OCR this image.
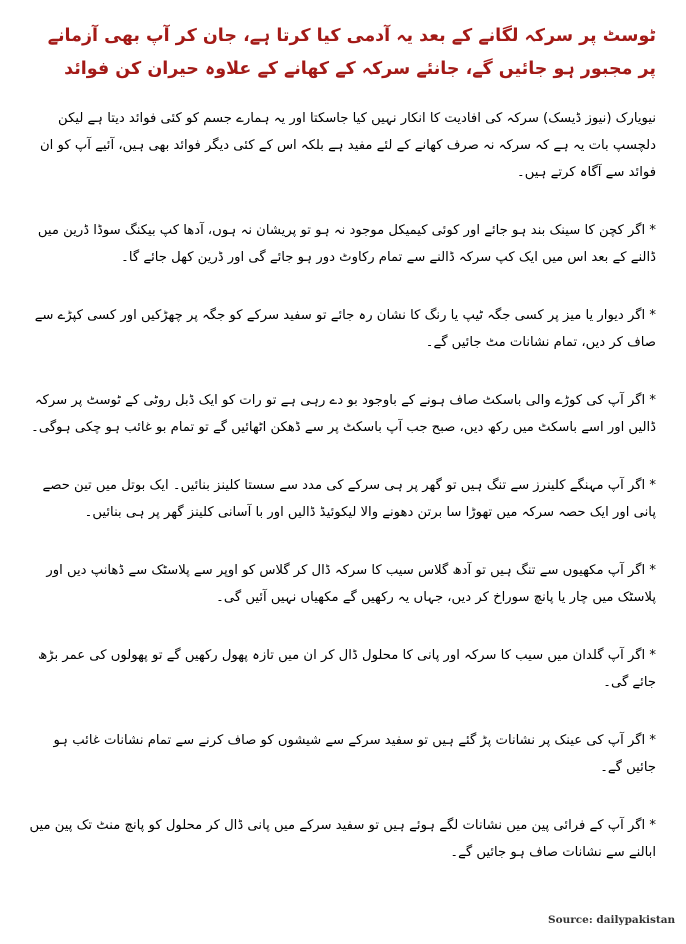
ٹوسٹ پر سرکہ لگانے کے بعد یہ آدمی کیا کرتا ہے، جان کر آپ بھی آزمانے پر مجبور ہو جائیں گے، جانئے سرکہ کے کھانے کے علاوہ حیران کن فوائد

نیویارک (نیوز ڈیسک) سرکہ کی افادیت کا انکار نہیں کیا جاسکتا اور یہ ہمارے جسم کو کئی فوائد دیتا ہے لیکن دلچسپ بات یہ ہے کہ سرکہ نہ صرف کھانے کے لئے مفید ہے بلکہ اس کے کئی دیگر فوائد بھی ہیں، آئیے آپ کو ان فوائد سے آگاہ کرتے ہیں۔

* اگر کچن کا سینک بند ہو جائے اور کوئی کیمیکل موجود نہ ہو تو پریشان نہ ہوں، آدھا کپ بیکنگ سوڈا ڈرین میں ڈالنے کے بعد اس میں ایک کپ سرکہ ڈالنے سے تمام رکاوٹ دور ہو جائے گی اور ڈرین کھل جائے گا۔

* اگر دیوار یا میز پر کسی جگہ ٹیپ یا رنگ کا نشان رہ جائے تو سفید سرکے کو جگہ پر چھڑکیں اور کسی کپڑے سے صاف کر دیں، تمام نشانات مٹ جائیں گے۔

* اگر آپ کی کوڑے والی باسکٹ صاف ہونے کے باوجود بو دے رہی ہے تو رات کو ایک ڈبل روٹی کے ٹوسٹ پر سرکہ ڈالیں اور اسے باسکٹ میں رکھ دیں، صبح جب آپ باسکٹ پر سے ڈھکن اٹھائیں گے تو تمام بو غائب ہو چکی ہوگی۔

* اگر آپ مہنگے کلینرز سے تنگ ہیں تو گھر پر ہی سرکے کی مدد سے سستا کلینز بنائیں۔ ایک بوتل میں تین حصے پانی اور ایک حصہ سرکہ میں تھوڑا سا برتن دھونے والا لیکوئیڈ ڈالیں اور با آسانی کلینز گھر پر ہی بنائیں۔

* اگر آپ مکھیوں سے تنگ ہیں تو آدھ گلاس سیب کا سرکہ ڈال کر گلاس کو اوپر سے پلاسٹک سے ڈھانپ دیں اور پلاسٹک میں چار یا پانچ سوراخ کر دیں، جہاں یہ رکھیں گے مکھیاں نہیں آئیں گی۔

* اگر آپ گلدان میں سیب کا سرکہ اور پانی کا محلول ڈال کر ان میں تازہ پھول رکھیں گے تو پھولوں کی عمر بڑھ جائے گی۔

* اگر آپ کی عینک پر نشانات پڑ گئے ہیں تو سفید سرکے سے شیشوں کو صاف کرنے سے تمام نشانات غائب ہو جائیں گے۔

* اگر آپ کے فرائی پین میں نشانات لگے ہوئے ہیں تو سفید سرکے میں پانی ڈال کر محلول کو پانچ منٹ تک پین میں ابالنے سے نشانات صاف ہو جائیں گے۔

Source: dailypakistan
